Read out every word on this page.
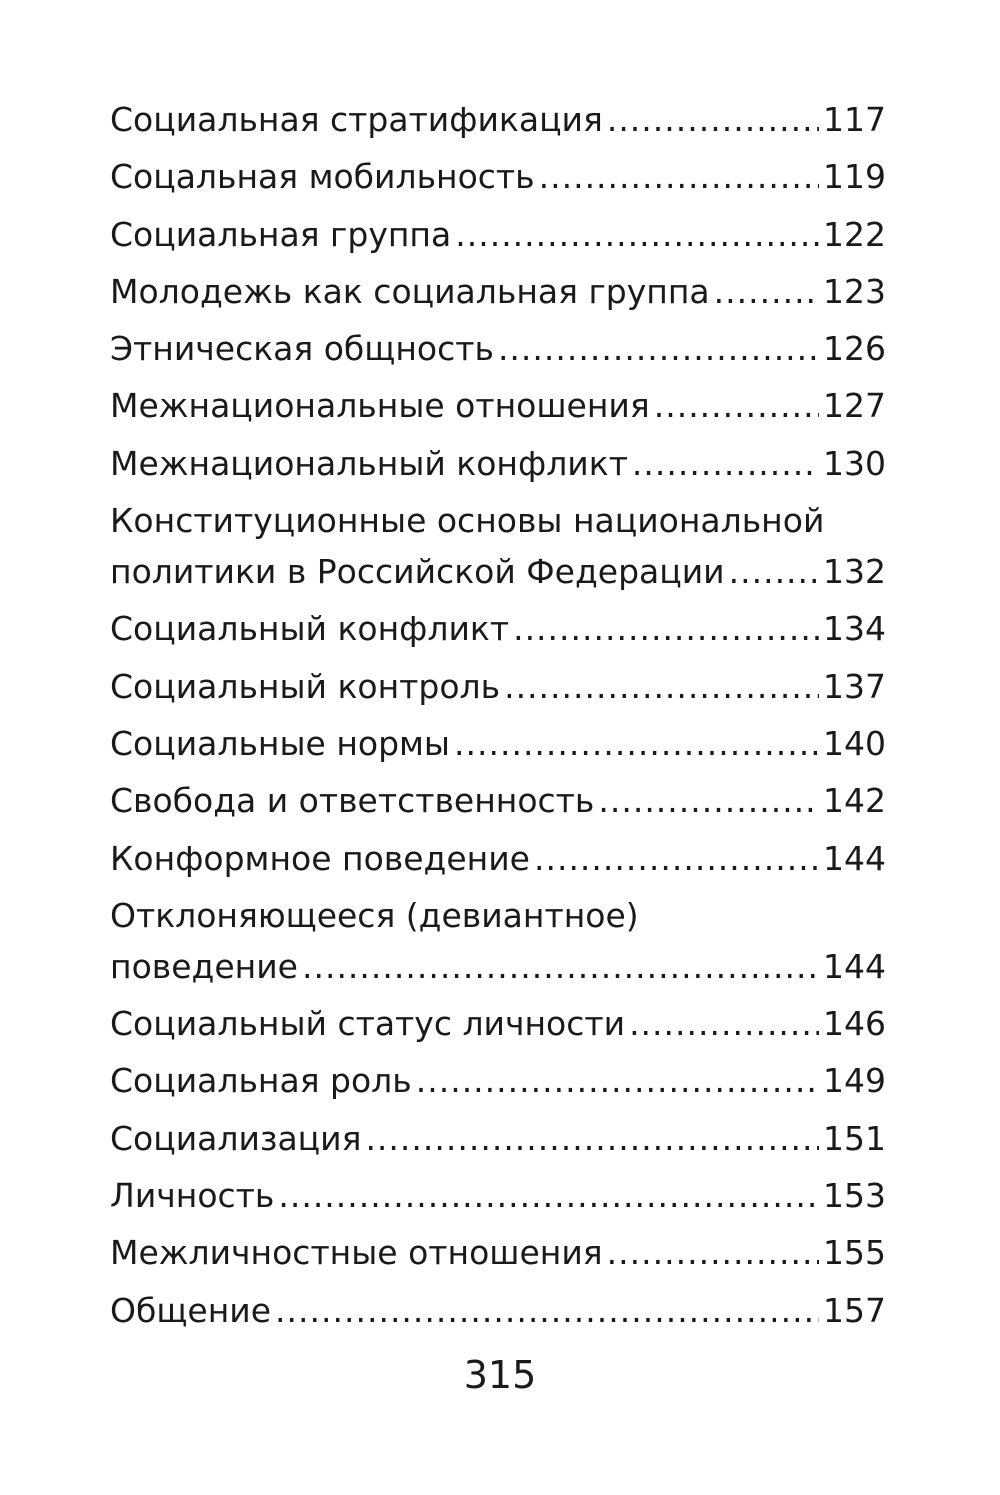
Социальная стратификация .....	117
Соцальная мобильность .....	119
Социальная группа .....	122
Молодежь как социальная группа .....	123
Этническая общность .....	126
Межнациональные отношения .....	127
Межнациональный конфликт .....	130
Конституционные основы национальной
политики в Российской Федерации .....	132
Социальный конфликт .....	134
Социальный контроль .....	137
Социальные нормы .....	140
Свобода и ответственность .....	142
Конформное поведение .....	144
Отклоняющееся (девиантное)
поведение .....	144
Социальный статус личности .....	146
Социальная роль .....	149
Социализация .....	151
Личность .....	153
Межличностные отношения .....	155
Общение .....	157
315
